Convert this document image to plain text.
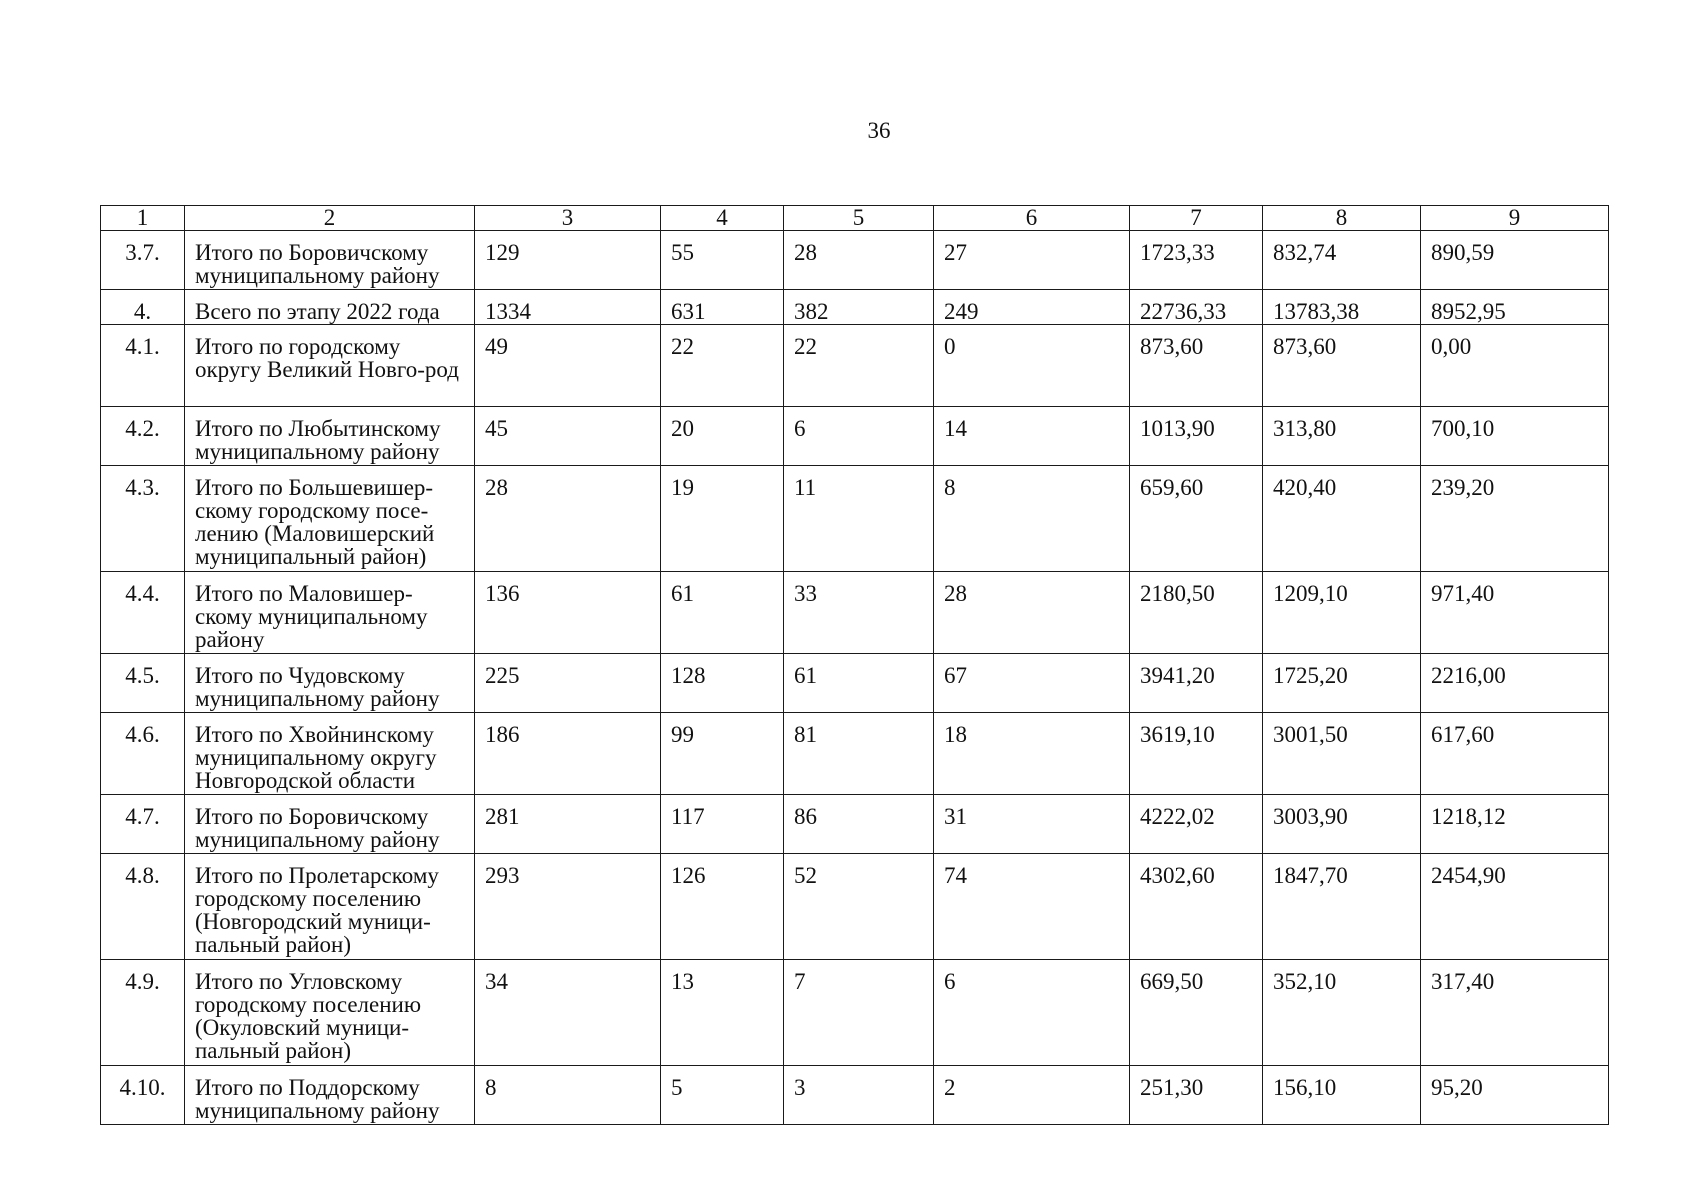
36
1	2	3	4	5	6	7	8	9
3.7.	Итого по Боровичскому муниципальному району	129	55	28	27	1723,33	832,74	890,59
4.	Всего по этапу 2022 года	1334	631	382	249	22736,33	13783,38	8952,95
4.1.	Итого по городскому округу Великий Новго-род	49	22	22	0	873,60	873,60	0,00
4.2.	Итого по Любытинскому муниципальному району	45	20	6	14	1013,90	313,80	700,10
4.3.	Итого по Большевишер-скому городскому посе-лению (Маловишерский муниципальный район)	28	19	11	8	659,60	420,40	239,20
4.4.	Итого по Маловишер-скому муниципальному району	136	61	33	28	2180,50	1209,10	971,40
4.5.	Итого по Чудовскому муниципальному району	225	128	61	67	3941,20	1725,20	2216,00
4.6.	Итого по Хвойнинскому муниципальному округу Новгородской области	186	99	81	18	3619,10	3001,50	617,60
4.7.	Итого по Боровичскому муниципальному району	281	117	86	31	4222,02	3003,90	1218,12
4.8.	Итого по Пролетарскому городскому поселению (Новгородский муници-пальный район)	293	126	52	74	4302,60	1847,70	2454,90
4.9.	Итого по Угловскому городскому поселению (Окуловский муници-пальный район)	34	13	7	6	669,50	352,10	317,40
4.10.	Итого по Поддорскому муниципальному району	8	5	3	2	251,30	156,10	95,20
